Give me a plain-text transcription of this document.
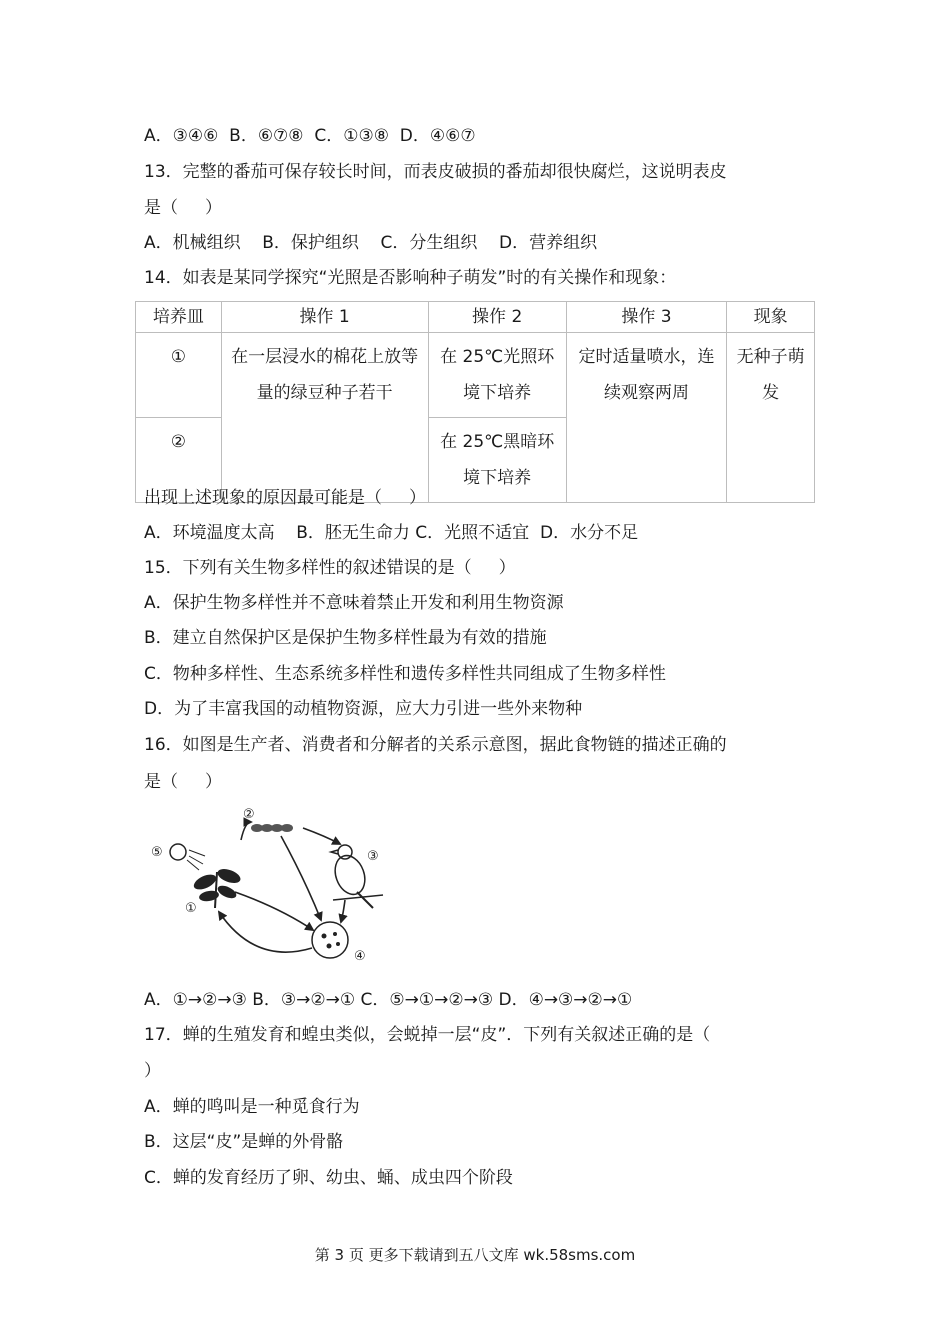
A．③④⑥  B．⑥⑦⑧  C．①③⑧  D．④⑥⑦
13．完整的番茄可保存较长时间，而表皮破损的番茄却很快腐烂，这说明表皮
是（     ）
A．机械组织    B．保护组织    C．分生组织    D．营养组织
14．如表是某同学探究“光照是否影响种子萌发”时的有关操作和现象：
培养皿	操作 1	操作 2	操作 3	现象
①	在一层浸水的棉花上放等量的绿豆种子若干	在 25℃光照环境下培养	定时适量喷水，连续观察两周	无种子萌发
②		在 25℃黑暗环境下培养		
出现上述现象的原因最可能是（     ）
A．环境温度太高    B．胚无生命力 C．光照不适宜  D．水分不足
15．下列有关生物多样性的叙述错误的是（     ）
A．保护生物多样性并不意味着禁止开发和利用生物资源
B．建立自然保护区是保护生物多样性最为有效的措施
C．物种多样性、生态系统多样性和遗传多样性共同组成了生物多样性
D．为了丰富我国的动植物资源，应大力引进一些外来物种
16．如图是生产者、消费者和分解者的关系示意图，据此食物链的描述正确的
是（     ）
①
②
③
④
⑤
A．①→②→③ B．③→②→① C．⑤→①→②→③ D．④→③→②→①
17．蝉的生殖发育和蝗虫类似，会蜕掉一层“皮”．下列有关叙述正确的是（
）
A．蝉的鸣叫是一种觅食行为
B．这层“皮”是蝉的外骨骼
C．蝉的发育经历了卵、幼虫、蛹、成虫四个阶段
第 3 页 更多下载请到五八文库 wk.58sms.com
